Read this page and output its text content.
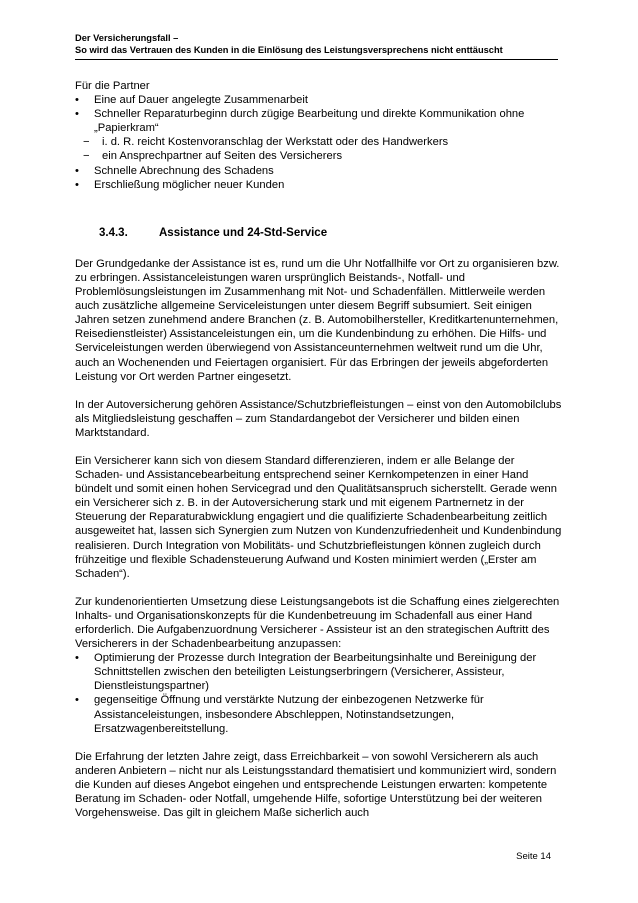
Der Versicherungsfall –
So wird das Vertrauen des Kunden in die Einlösung des Leistungsversprechens nicht enttäuscht

Für die Partner

• Eine auf Dauer angelegte Zusammenarbeit
• Schneller Reparaturbeginn durch zügige Bearbeitung und direkte Kommunikation ohne „Papierkram“
− i. d. R. reicht Kostenvoranschlag der Werkstatt oder des Handwerkers
− ein Ansprechpartner auf Seiten des Versicherers
• Schnelle Abrechnung des Schadens
• Erschließung möglicher neuer Kunden
3.4.3.	Assistance und 24-Std-Service

Der Grundgedanke der Assistance ist es, rund um die Uhr Notfallhilfe vor Ort zu organisieren bzw. zu erbringen. Assistanceleistungen waren ursprünglich Beistands-, Notfall- und Problemlösungsleistungen im Zusammenhang mit Not- und Schadenfällen. Mittlerweile werden auch zusätzliche allgemeine Serviceleistungen unter diesem Begriff subsumiert. Seit einigen Jahren setzen zunehmend andere Branchen (z. B. Automobilhersteller, Kreditkartenunternehmen, Reisedienstleister) Assistanceleistungen ein, um die Kundenbindung zu erhöhen. Die Hilfs- und Serviceleistungen werden überwiegend von Assistanceunternehmen weltweit rund um die Uhr, auch an Wochenenden und Feiertagen organisiert. Für das Erbringen der jeweils abgeforderten Leistung vor Ort werden Partner eingesetzt.

In der Autoversicherung gehören Assistance/Schutzbriefleistungen – einst von den Automobilclubs als Mitgliedsleistung geschaffen – zum Standardangebot der Versicherer und bilden einen Marktstandard.

Ein Versicherer kann sich von diesem Standard differenzieren, indem er alle Belange der Schaden- und Assistancebearbeitung entsprechend seiner Kernkompetenzen in einer Hand bündelt und somit einen hohen Servicegrad und den Qualitätsanspruch sicherstellt. Gerade wenn ein Versicherer sich z. B. in der Autoversicherung stark und mit eigenem Partnernetz in der Steuerung der Reparaturabwicklung engagiert und die qualifizierte Schadenbearbeitung zeitlich ausgeweitet hat, lassen sich Synergien zum Nutzen von Kundenzufriedenheit und Kundenbindung realisieren. Durch Integration von Mobilitäts- und Schutzbriefleistungen können zugleich durch frühzeitige und flexible Schadensteuerung Aufwand und Kosten minimiert werden („Erster am Schaden“).

Zur kundenorientierten Umsetzung diese Leistungsangebots ist die Schaffung eines zielgerechten Inhalts- und Organisationskonzepts für die Kundenbetreuung im Schadenfall aus einer Hand erforderlich. Die Aufgabenzuordnung Versicherer - Assisteur ist an den strategischen Auftritt des Versicherers in der Schadenbearbeitung anzupassen:

• Optimierung der Prozesse durch Integration der Bearbeitungsinhalte und Bereinigung der Schnittstellen zwischen den beteiligten Leistungserbringern (Versicherer, Assisteur, Dienstleistungspartner)
• gegenseitige Öffnung und verstärkte Nutzung der einbezogenen Netzwerke für Assistanceleistungen, insbesondere Abschleppen, Notinstandsetzungen, Ersatzwagenbereitstellung.

Die Erfahrung der letzten Jahre zeigt, dass Erreichbarkeit – von sowohl Versicherern als auch anderen Anbietern – nicht nur als Leistungsstandard thematisiert und kommuniziert wird, sondern die Kunden auf dieses Angebot eingehen und entsprechende Leistungen erwarten: kompetente Beratung im Schaden- oder Notfall, umgehende Hilfe, sofortige Unterstützung bei der weiteren Vorgehensweise. Das gilt in gleichem Maße sicherlich auch

Seite 14
